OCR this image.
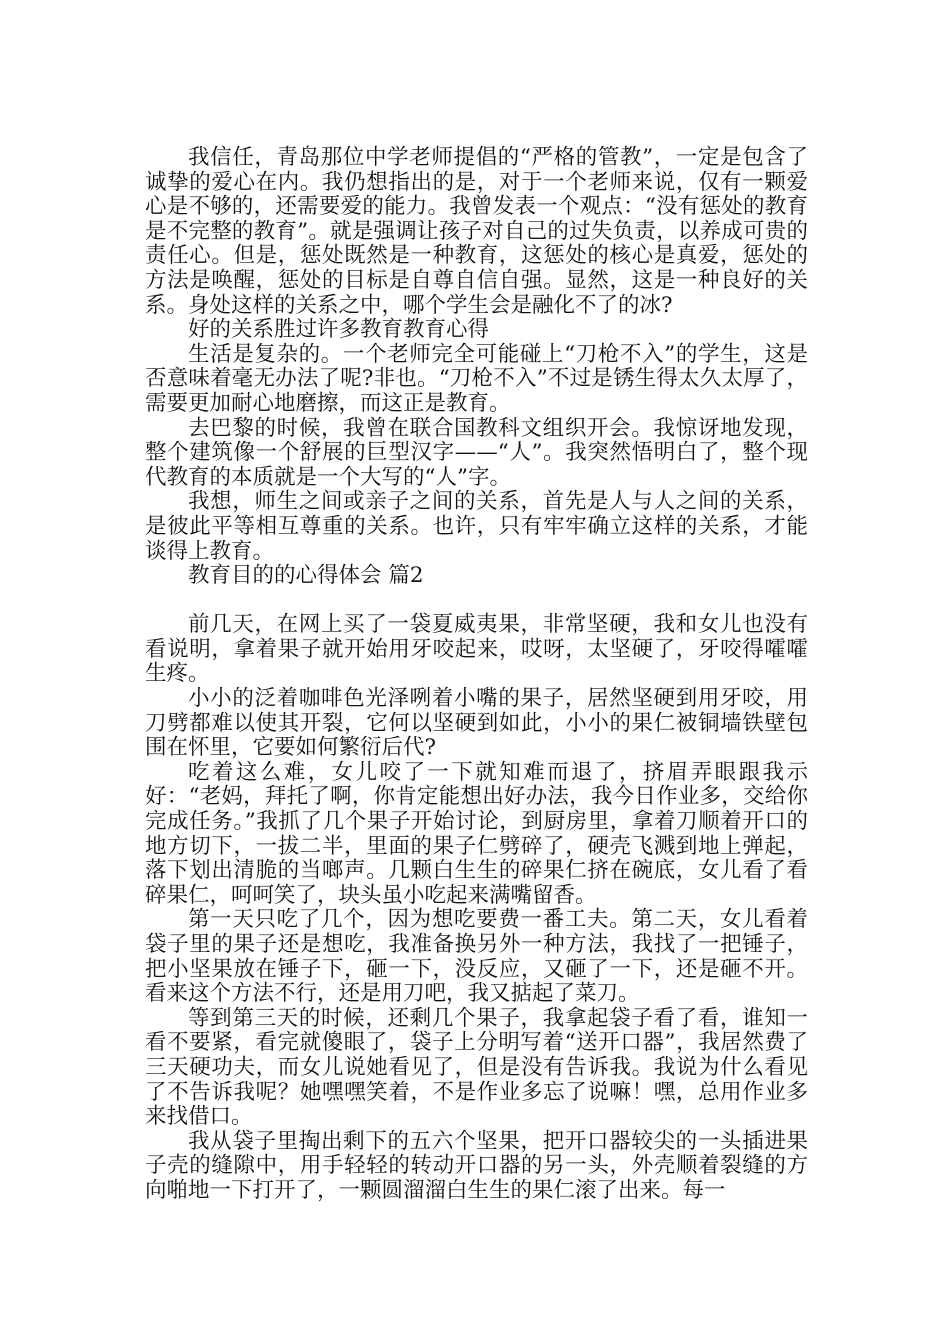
我信任，青岛那位中学老师提倡的“严格的管教”，一定是包含了诚挚的爱心在内。我仍想指出的是，对于一个老师来说，仅有一颗爱心是不够的，还需要爱的能力。我曾发表一个观点：“没有惩处的教育是不完整的教育”。就是强调让孩子对自己的过失负责，以养成可贵的责任心。但是，惩处既然是一种教育，这惩处的核心是真爱，惩处的方法是唤醒，惩处的目标是自尊自信自强。显然，这是一种良好的关系。身处这样的关系之中，哪个学生会是融化不了的冰?

好的关系胜过许多教育教育心得

生活是复杂的。一个老师完全可能碰上“刀枪不入”的学生，这是否意味着毫无办法了呢?非也。“刀枪不入”不过是锈生得太久太厚了，需要更加耐心地磨擦，而这正是教育。

去巴黎的时候，我曾在联合国教科文组织开会。我惊讶地发现，整个建筑像一个舒展的巨型汉字——“人”。我突然悟明白了，整个现代教育的本质就是一个大写的“人”字。

我想，师生之间或亲子之间的关系，首先是人与人之间的关系，是彼此平等相互尊重的关系。也许，只有牢牢确立这样的关系，才能谈得上教育。

教育目的的心得体会 篇2

前几天，在网上买了一袋夏威夷果，非常坚硬，我和女儿也没有看说明，拿着果子就开始用牙咬起来，哎呀，太坚硬了，牙咬得嚯嚯生疼。

小小的泛着咖啡色光泽咧着小嘴的果子，居然坚硬到用牙咬，用刀劈都难以使其开裂，它何以坚硬到如此，小小的果仁被铜墙铁壁包围在怀里，它要如何繁衍后代?

吃着这么难，女儿咬了一下就知难而退了，挤眉弄眼跟我示好：“老妈，拜托了啊，你肯定能想出好办法，我今日作业多，交给你完成任务。”我抓了几个果子开始讨论，到厨房里，拿着刀顺着开口的地方切下，一拔二半，里面的果子仁劈碎了，硬壳飞溅到地上弹起，落下划出清脆的当啷声。几颗白生生的碎果仁挤在碗底，女儿看了看碎果仁，呵呵笑了，块头虽小吃起来满嘴留香。

第一天只吃了几个，因为想吃要费一番工夫。第二天，女儿看着袋子里的果子还是想吃，我准备换另外一种方法，我找了一把锤子，把小坚果放在锤子下，砸一下，没反应，又砸了一下，还是砸不开。看来这个方法不行，还是用刀吧，我又掂起了菜刀。

等到第三天的时候，还剩几个果子，我拿起袋子看了看，谁知一看不要紧，看完就傻眼了，袋子上分明写着“送开口器”，我居然费了三天硬功夫，而女儿说她看见了，但是没有告诉我。我说为什么看见了不告诉我呢？她嘿嘿笑着，不是作业多忘了说嘛！嘿，总用作业多来找借口。

我从袋子里掏出剩下的五六个坚果，把开口器较尖的一头插进果子壳的缝隙中，用手轻轻的转动开口器的另一头，外壳顺着裂缝的方向啪地一下打开了，一颗圆溜溜白生生的果仁滚了出来。每一
